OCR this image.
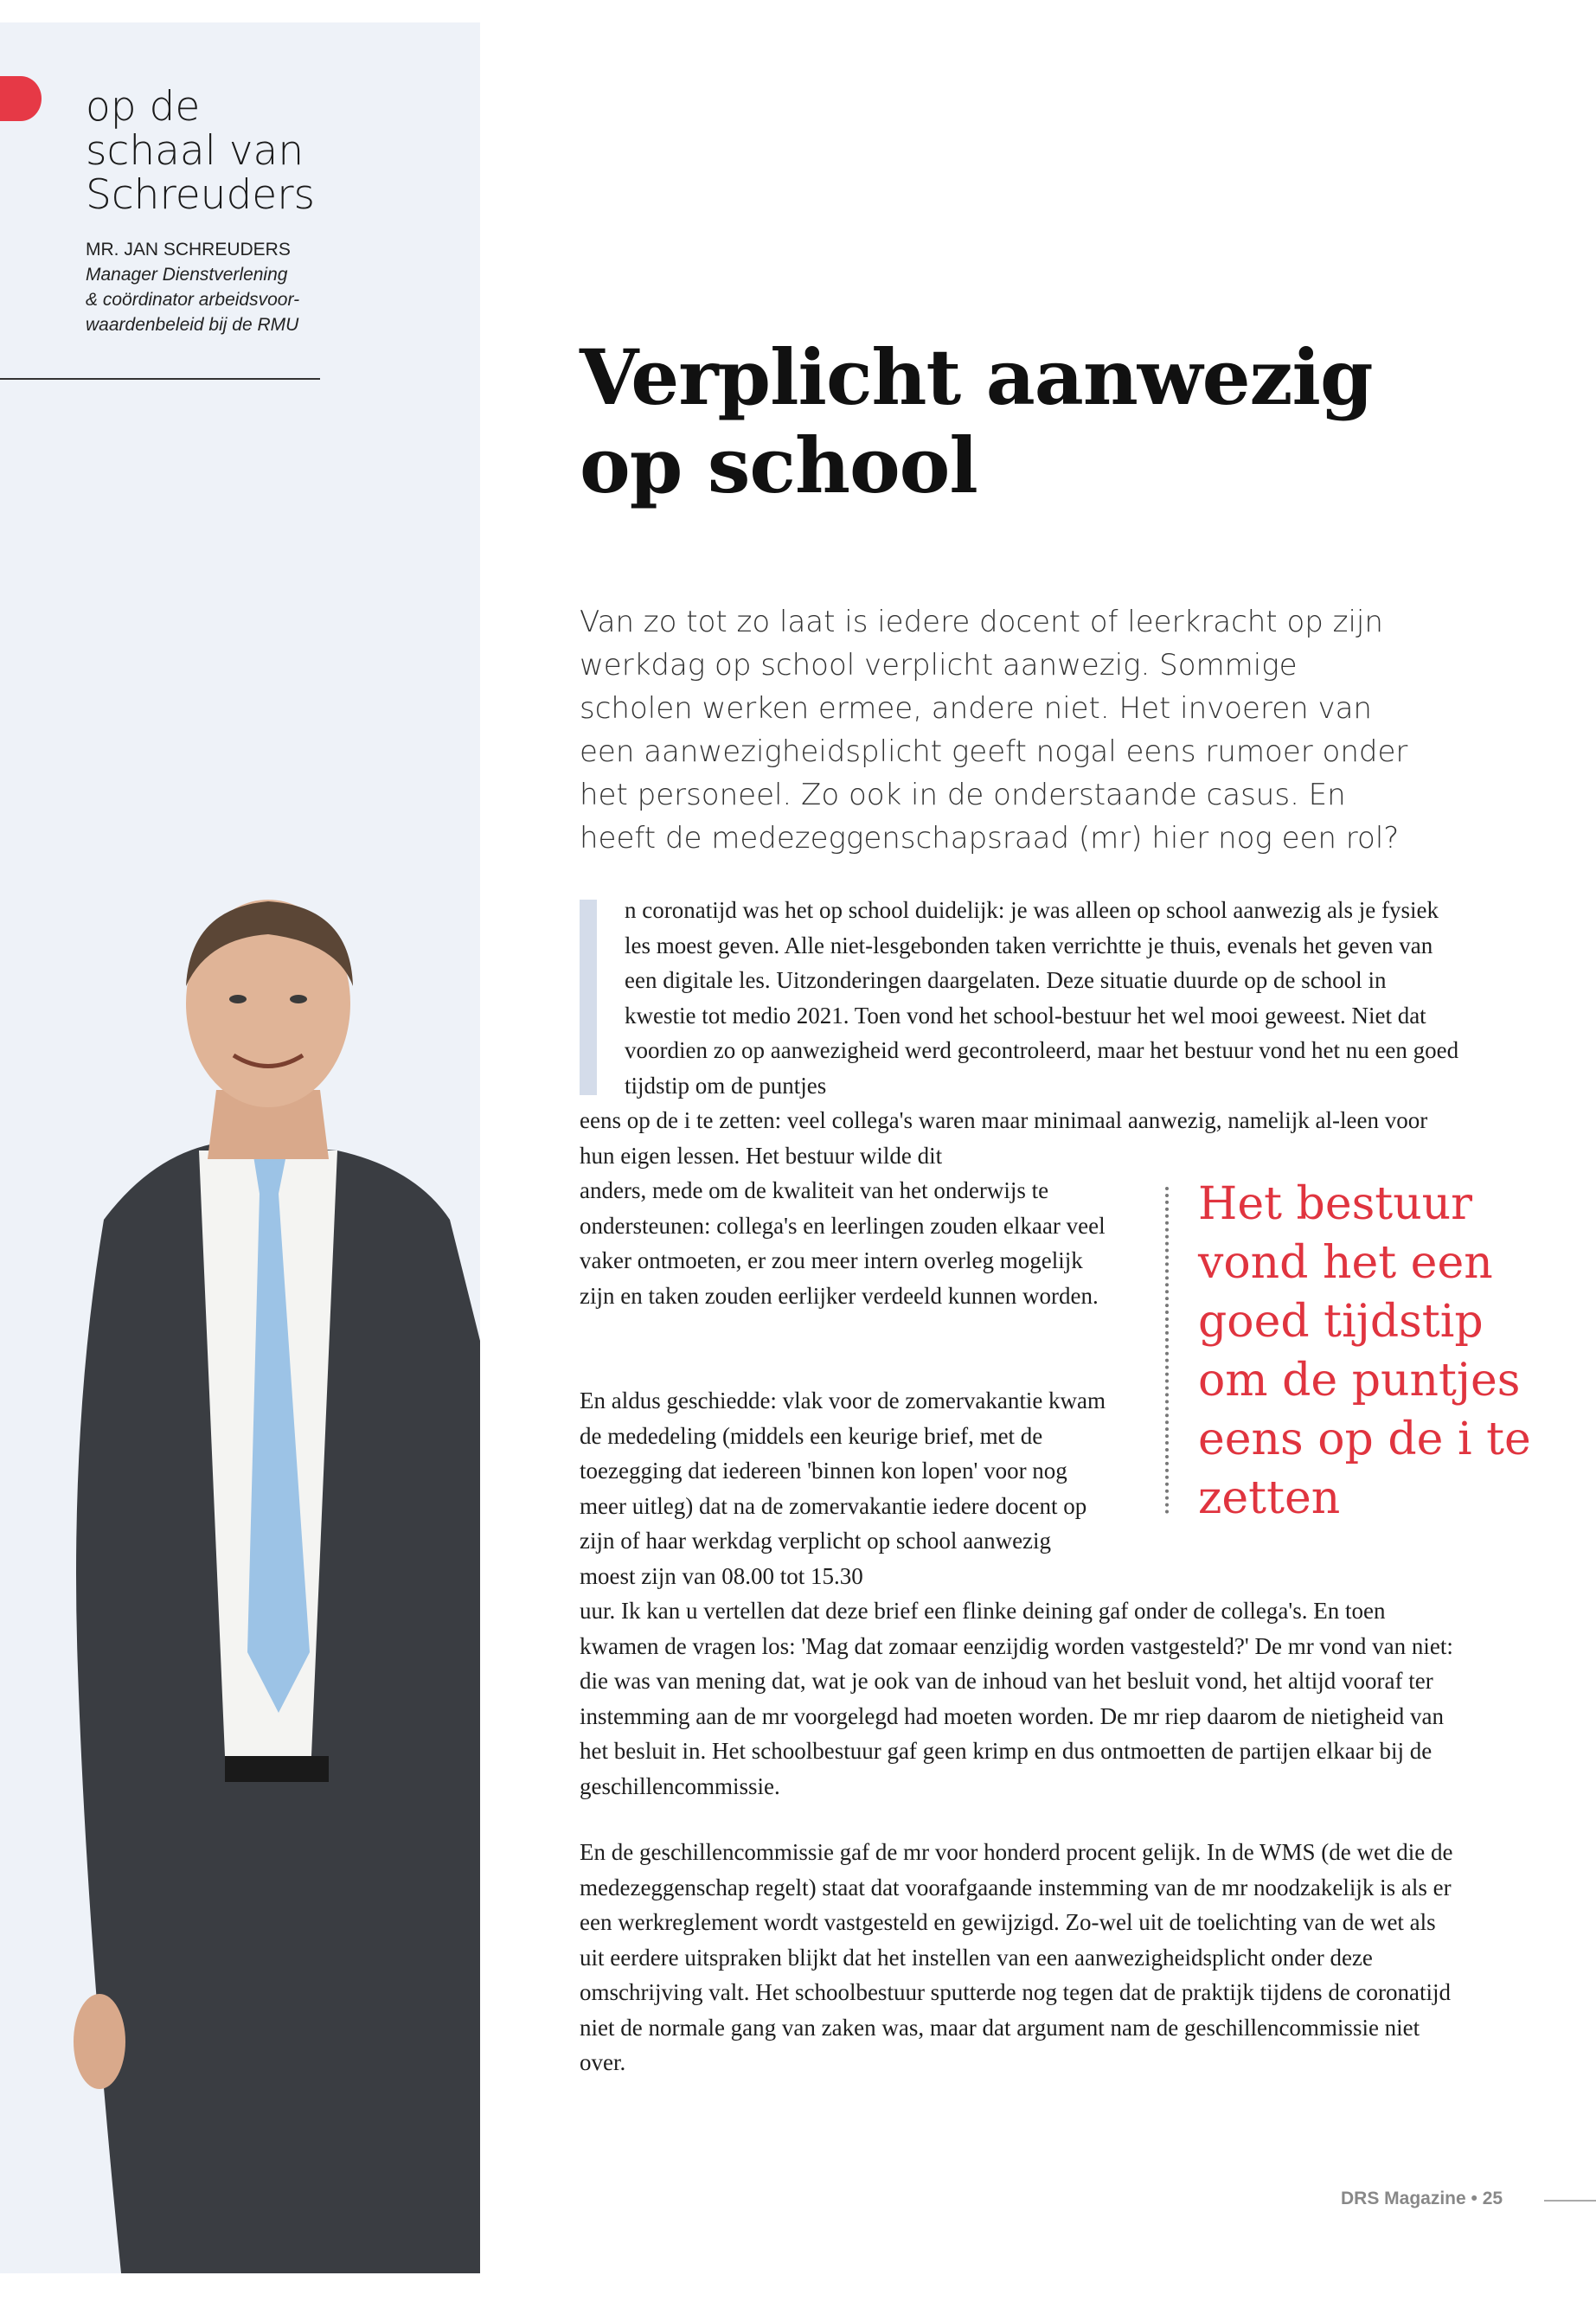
op de
schaal van
Schreuders
MR. JAN SCHREUDERS
Manager Dienstverlening
& coördinator arbeidsvoor-
waardenbeleid bij de RMU
Verplicht aanwezig
op school
Van zo tot zo laat is iedere docent of leerkracht op zijn werkdag op school verplicht aanwezig. Sommige scholen werken ermee, andere niet. Het invoeren van een aanwezigheidsplicht geeft nogal eens rumoer onder het personeel. Zo ook in de onderstaande casus. En heeft de medezeggenschapsraad (mr) hier nog een rol?
n coronatijd was het op school duidelijk: je was alleen op school aanwezig als je fysiek les moest geven. Alle niet-lesgebonden taken verrichtte je thuis, evenals het geven van een digitale les. Uitzonderingen daargelaten. Deze situatie duurde op de school in kwestie tot medio 2021. Toen vond het school-bestuur het wel mooi geweest. Niet dat voordien zo op aanwezigheid werd gecontroleerd, maar het bestuur vond het nu een goed tijdstip om de puntjes
eens op de i te zetten: veel collega's waren maar minimaal aanwezig, namelijk al-leen voor hun eigen lessen. Het bestuur wilde dit
anders, mede om de kwaliteit van het onderwijs te ondersteunen: collega's en leerlingen zouden elkaar veel vaker ontmoeten, er zou meer intern overleg mogelijk zijn en taken zouden eerlijker verdeeld kunnen worden.
En aldus geschiedde: vlak voor de zomervakantie kwam de mededeling (middels een keurige brief, met de toezegging dat iedereen 'binnen kon lopen' voor nog meer uitleg) dat na de zomervakantie iedere docent op zijn of haar werkdag verplicht op school aanwezig moest zijn van 08.00 tot 15.30
uur. Ik kan u vertellen dat deze brief een flinke deining gaf onder de collega's. En toen kwamen de vragen los: 'Mag dat zomaar eenzijdig worden vastgesteld?' De mr vond van niet: die was van mening dat, wat je ook van de inhoud van het besluit vond, het altijd vooraf ter instemming aan de mr voorgelegd had moeten worden. De mr riep daarom de nietigheid van het besluit in. Het schoolbestuur gaf geen krimp en dus ontmoetten de partijen elkaar bij de geschillencommissie.
En de geschillencommissie gaf de mr voor honderd procent gelijk. In de WMS (de wet die de medezeggenschap regelt) staat dat voorafgaande instemming van de mr noodzakelijk is als er een werkreglement wordt vastgesteld en gewijzigd. Zo-wel uit de toelichting van de wet als uit eerdere uitspraken blijkt dat het instellen van een aanwezigheidsplicht onder deze omschrijving valt. Het schoolbestuur sputterde nog tegen dat de praktijk tijdens de coronatijd niet de normale gang van zaken was, maar dat argument nam de geschillencommissie niet over.
Het bestuur vond het een goed tijdstip om de puntjes eens op de i te zetten
DRS Magazine • 25
